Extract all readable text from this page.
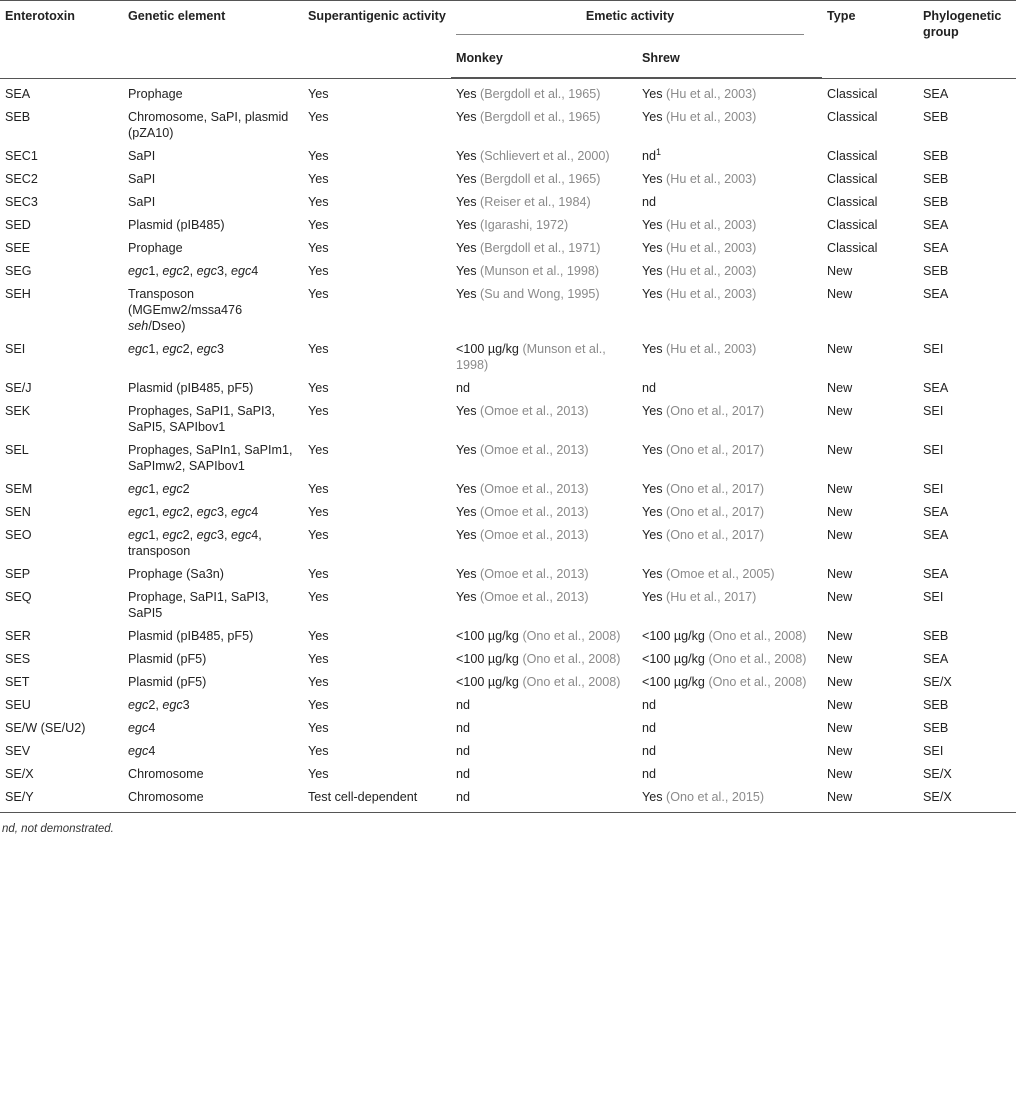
Enterotoxin	Genetic element	Superantigenic activity	Emetic activity		Type	Phylogenetic group
			Monkey	Shrew		

SEA	Prophage	Yes	Yes (Bergdoll et al., 1965)	Yes (Hu et al., 2003)	Classical	SEA
SEB	Chromosome, SaPI, plasmid (pZA10)	Yes	Yes (Bergdoll et al., 1965)	Yes (Hu et al., 2003)	Classical	SEB
SEC1	SaPI	Yes	Yes (Schlievert et al., 2000)	$nd^1$	Classical	SEB
SEC2	SaPI	Yes	Yes (Bergdoll et al., 1965)	Yes (Hu et al., 2003)	Classical	SEB
SEC3	SaPI	Yes	Yes (Reiser et al., 1984)	nd	Classical	SEB
SED	Plasmid (pIB485)	Yes	Yes (Igarashi, 1972)	Yes (Hu et al., 2003)	Classical	SEA
SEE	Prophage	Yes	Yes (Bergdoll et al., 1971)	Yes (Hu et al., 2003)	Classical	SEA
SEG	egc1, egc2, egc3, egc4	Yes	Yes (Munson et al., 1998)	Yes (Hu et al., 2003)	New	SEB
SEH	Transposon (MGEmw2/mssa476 seh/Dseo)	Yes	Yes (Su and Wong, 1995)	Yes (Hu et al., 2003)	New	SEA
SEI	egc1, egc2, egc3	Yes	<100 µg/kg (Munson et al., 1998)	Yes (Hu et al., 2003)	New	SEI
SE/J	Plasmid (pIB485, pF5)	Yes	nd	nd	New	SEA
SEK	Prophages, SaPI1, SaPI3, SaPI5, SAPIbov1	Yes	Yes (Omoe et al., 2013)	Yes (Ono et al., 2017)	New	SEI
SEL	Prophages, SaPIn1, SaPIm1, SaPImw2, SAPIbov1	Yes	Yes (Omoe et al., 2013)	Yes (Ono et al., 2017)	New	SEI
SEM	egc1, egc2	Yes	Yes (Omoe et al., 2013)	Yes (Ono et al., 2017)	New	SEI
SEN	egc1, egc2, egc3, egc4	Yes	Yes (Omoe et al., 2013)	Yes (Ono et al., 2017)	New	SEA
SEO	egc1, egc2, egc3, egc4, transposon	Yes	Yes (Omoe et al., 2013)	Yes (Ono et al., 2017)	New	SEA
SEP	Prophage (Sa3n)	Yes	Yes (Omoe et al., 2013)	Yes (Omoe et al., 2005)	New	SEA
SEQ	Prophage, SaPI1, SaPI3, SaPI5	Yes	Yes (Omoe et al., 2013)	Yes (Hu et al., 2017)	New	SEI
SER	Plasmid (pIB485, pF5)	Yes	<100 µg/kg (Ono et al., 2008)	<100 µg/kg (Ono et al., 2008)	New	SEB
SES	Plasmid (pF5)	Yes	<100 µg/kg (Ono et al., 2008)	<100 µg/kg (Ono et al., 2008)	New	SEA
SET	Plasmid (pF5)	Yes	<100 µg/kg (Ono et al., 2008)	<100 µg/kg (Ono et al., 2008)	New	SE/X
SEU	egc2, egc3	Yes	nd	nd	New	SEB
SE/W (SE/U2)	egc4	Yes	nd	nd	New	SEB
SEV	egc4	Yes	nd	nd	New	SEI
SE/X	Chromosome	Yes	nd	nd	New	SE/X
SE/Y	Chromosome	Test cell-dependent	nd	Yes (Ono et al., 2015)	New	SE/X
nd, not demonstrated.
